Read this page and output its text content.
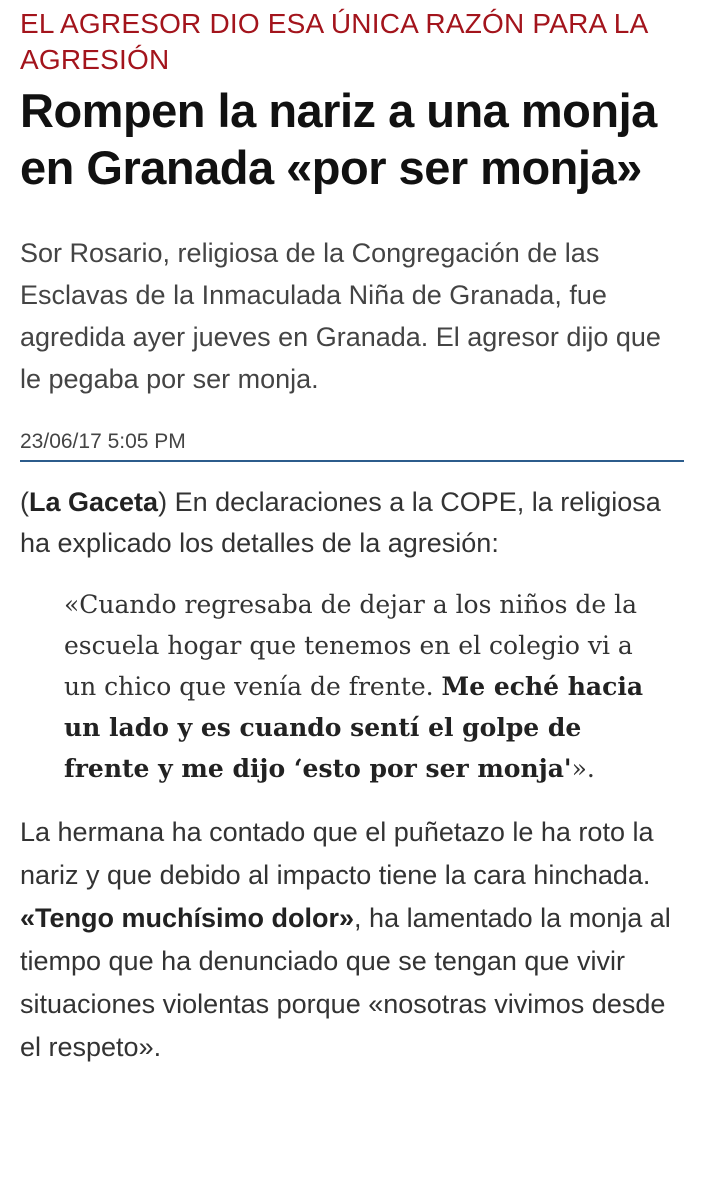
EL AGRESOR DIO ESA ÚNICA RAZÓN PARA LA AGRESIÓN
Rompen la nariz a una monja en Granada «por ser monja»

Sor Rosario, religiosa de la Congregación de las Esclavas de la Inmaculada Niña de Granada, fue agredida ayer jueves en Granada. El agresor dijo que le pegaba por ser monja.

23/06/17 5:05 PM

(La Gaceta) En declaraciones a la COPE, la religiosa ha explicado los detalles de la agresión:

«Cuando regresaba de dejar a los niños de la escuela hogar que tenemos en el colegio vi a un chico que venía de frente. Me eché hacia un lado y es cuando sentí el golpe de frente y me dijo ‘esto por ser monja'».

La hermana ha contado que el puñetazo le ha roto la nariz y que debido al impacto tiene la cara hinchada. «Tengo muchísimo dolor», ha lamentado la monja al tiempo que ha denunciado que se tengan que vivir situaciones violentas porque «nosotras vivimos desde el respeto».
